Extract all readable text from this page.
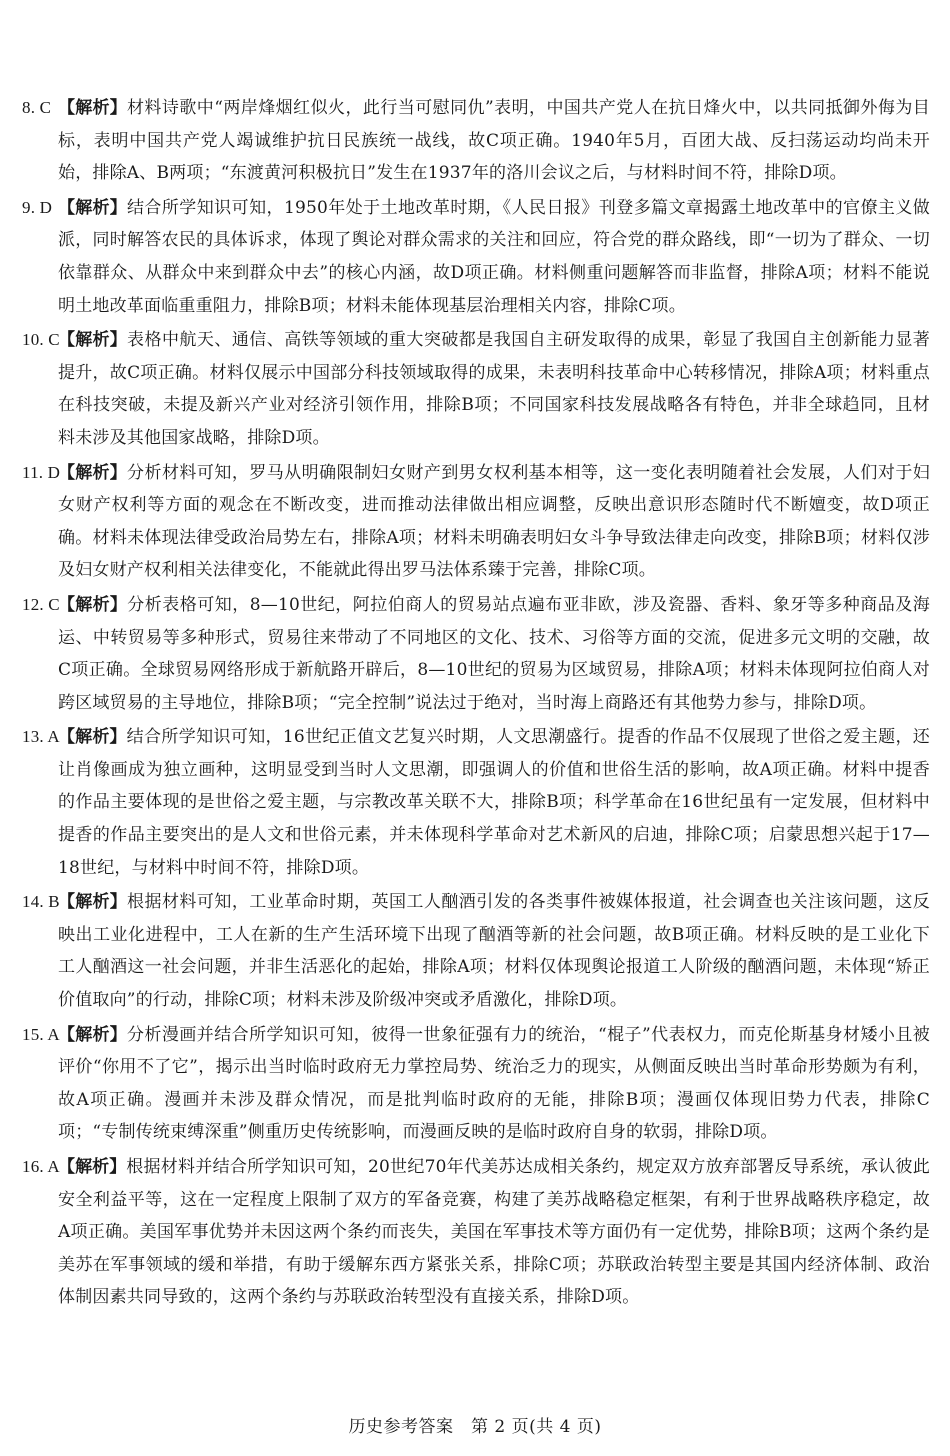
8. C 【解析】材料诗歌中“两岸烽烟红似火，此行当可慰同仇”表明，中国共产党人在抗日烽火中，以共同抵御外侮为目标，表明中国共产党人竭诚维护抗日民族统一战线，故C项正确。1940年5月，百团大战、反扫荡运动均尚未开始，排除A、B两项；“东渡黄河积极抗日”发生在1937年的洛川会议之后，与材料时间不符，排除D项。
9. D 【解析】结合所学知识可知，1950年处于土地改革时期，《人民日报》刊登多篇文章揭露土地改革中的官僚主义做派，同时解答农民的具体诉求，体现了舆论对群众需求的关注和回应，符合党的群众路线，即“一切为了群众、一切依靠群众、从群众中来到群众中去”的核心内涵，故D项正确。材料侧重问题解答而非监督，排除A项；材料不能说明土地改革面临重重阻力，排除B项；材料未能体现基层治理相关内容，排除C项。
10. C
【解析】表格中航天、通信、高铁等领域的重大突破都是我国自主研发取得的成果，彰显了我国自主创新能力显著提升，故C项正确。材料仅展示中国部分科技领域取得的成果，未表明科技革命中心转移情况，排除A项；材料重点在科技突破，未提及新兴产业对经济引领作用，排除B项；不同国家科技发展战略各有特色，并非全球趋同，且材料未涉及其他国家战略，排除D项。
11. D
【解析】分析材料可知，罗马从明确限制妇女财产到男女权利基本相等，这一变化表明随着社会发展，人们对于妇女财产权利等方面的观念在不断改变，进而推动法律做出相应调整，反映出意识形态随时代不断嬗变，故D项正确。材料未体现法律受政治局势左右，排除A项；材料未明确表明妇女斗争导致法律走向改变，排除B项；材料仅涉及妇女财产权利相关法律变化，不能就此得出罗马法体系臻于完善，排除C项。
12. C
【解析】分析表格可知，8—10世纪，阿拉伯商人的贸易站点遍布亚非欧，涉及瓷器、香料、象牙等多种商品及海运、中转贸易等多种形式，贸易往来带动了不同地区的文化、技术、习俗等方面的交流，促进多元文明的交融，故C项正确。全球贸易网络形成于新航路开辟后，8—10世纪的贸易为区域贸易，排除A项；材料未体现阿拉伯商人对跨区域贸易的主导地位，排除B项；“完全控制”说法过于绝对，当时海上商路还有其他势力参与，排除D项。
13. A
【解析】结合所学知识可知，16世纪正值文艺复兴时期，人文思潮盛行。提香的作品不仅展现了世俗之爱主题，还让肖像画成为独立画种，这明显受到当时人文思潮，即强调人的价值和世俗生活的影响，故A项正确。材料中提香的作品主要体现的是世俗之爱主题，与宗教改革关联不大，排除B项；科学革命在16世纪虽有一定发展，但材料中提香的作品主要突出的是人文和世俗元素，并未体现科学革命对艺术新风的启迪，排除C项；启蒙思想兴起于17—18世纪，与材料中时间不符，排除D项。
14. B
【解析】根据材料可知，工业革命时期，英国工人酗酒引发的各类事件被媒体报道，社会调查也关注该问题，这反映出工业化进程中，工人在新的生产生活环境下出现了酗酒等新的社会问题，故B项正确。材料反映的是工业化下工人酗酒这一社会问题，并非生活恶化的起始，排除A项；材料仅体现舆论报道工人阶级的酗酒问题，未体现“矫正价值取向”的行动，排除C项；材料未涉及阶级冲突或矛盾激化，排除D项。
15. A
【解析】分析漫画并结合所学知识可知，彼得一世象征强有力的统治，“棍子”代表权力，而克伦斯基身材矮小且被评价“你用不了它”，揭示出当时临时政府无力掌控局势、统治乏力的现实，从侧面反映出当时革命形势颇为有利，故A项正确。漫画并未涉及群众情况，而是批判临时政府的无能，排除B项；漫画仅体现旧势力代表，排除C项；“专制传统束缚深重”侧重历史传统影响，而漫画反映的是临时政府自身的软弱，排除D项。
16. A
【解析】根据材料并结合所学知识可知，20世纪70年代美苏达成相关条约，规定双方放弃部署反导系统，承认彼此安全利益平等，这在一定程度上限制了双方的军备竞赛，构建了美苏战略稳定框架，有利于世界战略秩序稳定，故A项正确。美国军事优势并未因这两个条约而丧失，美国在军事技术等方面仍有一定优势，排除B项；这两个条约是美苏在军事领域的缓和举措，有助于缓解东西方紧张关系，排除C项；苏联政治转型主要是其国内经济体制、政治体制因素共同导致的，这两个条约与苏联政治转型没有直接关系，排除D项。
历史参考答案　第 2 页(共 4 页)
